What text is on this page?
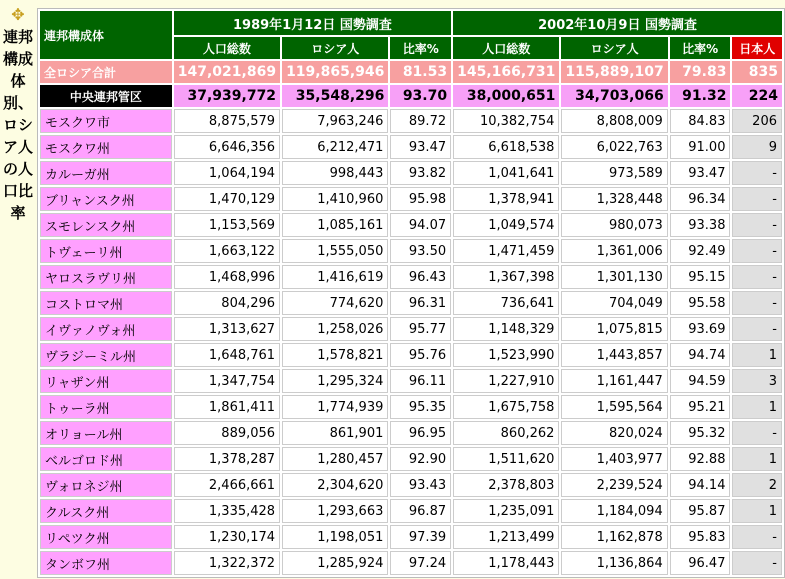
✥
連邦構成体別、ロシア人の人口比率
連邦構成体	1989年1月12日 国勢調査			2002年10月9日 国勢調査			
	人口総数	ロシア人	比率%	人口総数	ロシア人	比率%	日本人
全ロシア合計	147,021,869	119,865,946	81.53	145,166,731	115,889,107	79.83	835
中央連邦管区	37,939,772	35,548,296	93.70	38,000,651	34,703,066	91.32	224
モスクワ市	8,875,579	7,963,246	89.72	10,382,754	8,808,009	84.83	206
モスクワ州	6,646,356	6,212,471	93.47	6,618,538	6,022,763	91.00	9
カルーガ州	1,064,194	998,443	93.82	1,041,641	973,589	93.47	-
ブリャンスク州	1,470,129	1,410,960	95.98	1,378,941	1,328,448	96.34	-
スモレンスク州	1,153,569	1,085,161	94.07	1,049,574	980,073	93.38	-
トヴェーリ州	1,663,122	1,555,050	93.50	1,471,459	1,361,006	92.49	-
ヤロスラヴリ州	1,468,996	1,416,619	96.43	1,367,398	1,301,130	95.15	-
コストロマ州	804,296	774,620	96.31	736,641	704,049	95.58	-
イヴァノヴォ州	1,313,627	1,258,026	95.77	1,148,329	1,075,815	93.69	-
ヴラジーミル州	1,648,761	1,578,821	95.76	1,523,990	1,443,857	94.74	1
リャザン州	1,347,754	1,295,324	96.11	1,227,910	1,161,447	94.59	3
トゥーラ州	1,861,411	1,774,939	95.35	1,675,758	1,595,564	95.21	1
オリョール州	889,056	861,901	96.95	860,262	820,024	95.32	-
ベルゴロド州	1,378,287	1,280,457	92.90	1,511,620	1,403,977	92.88	1
ヴォロネジ州	2,466,661	2,304,620	93.43	2,378,803	2,239,524	94.14	2
クルスク州	1,335,428	1,293,663	96.87	1,235,091	1,184,094	95.87	1
リペツク州	1,230,174	1,198,051	97.39	1,213,499	1,162,878	95.83	-
タンボフ州	1,322,372	1,285,924	97.24	1,178,443	1,136,864	96.47	-
